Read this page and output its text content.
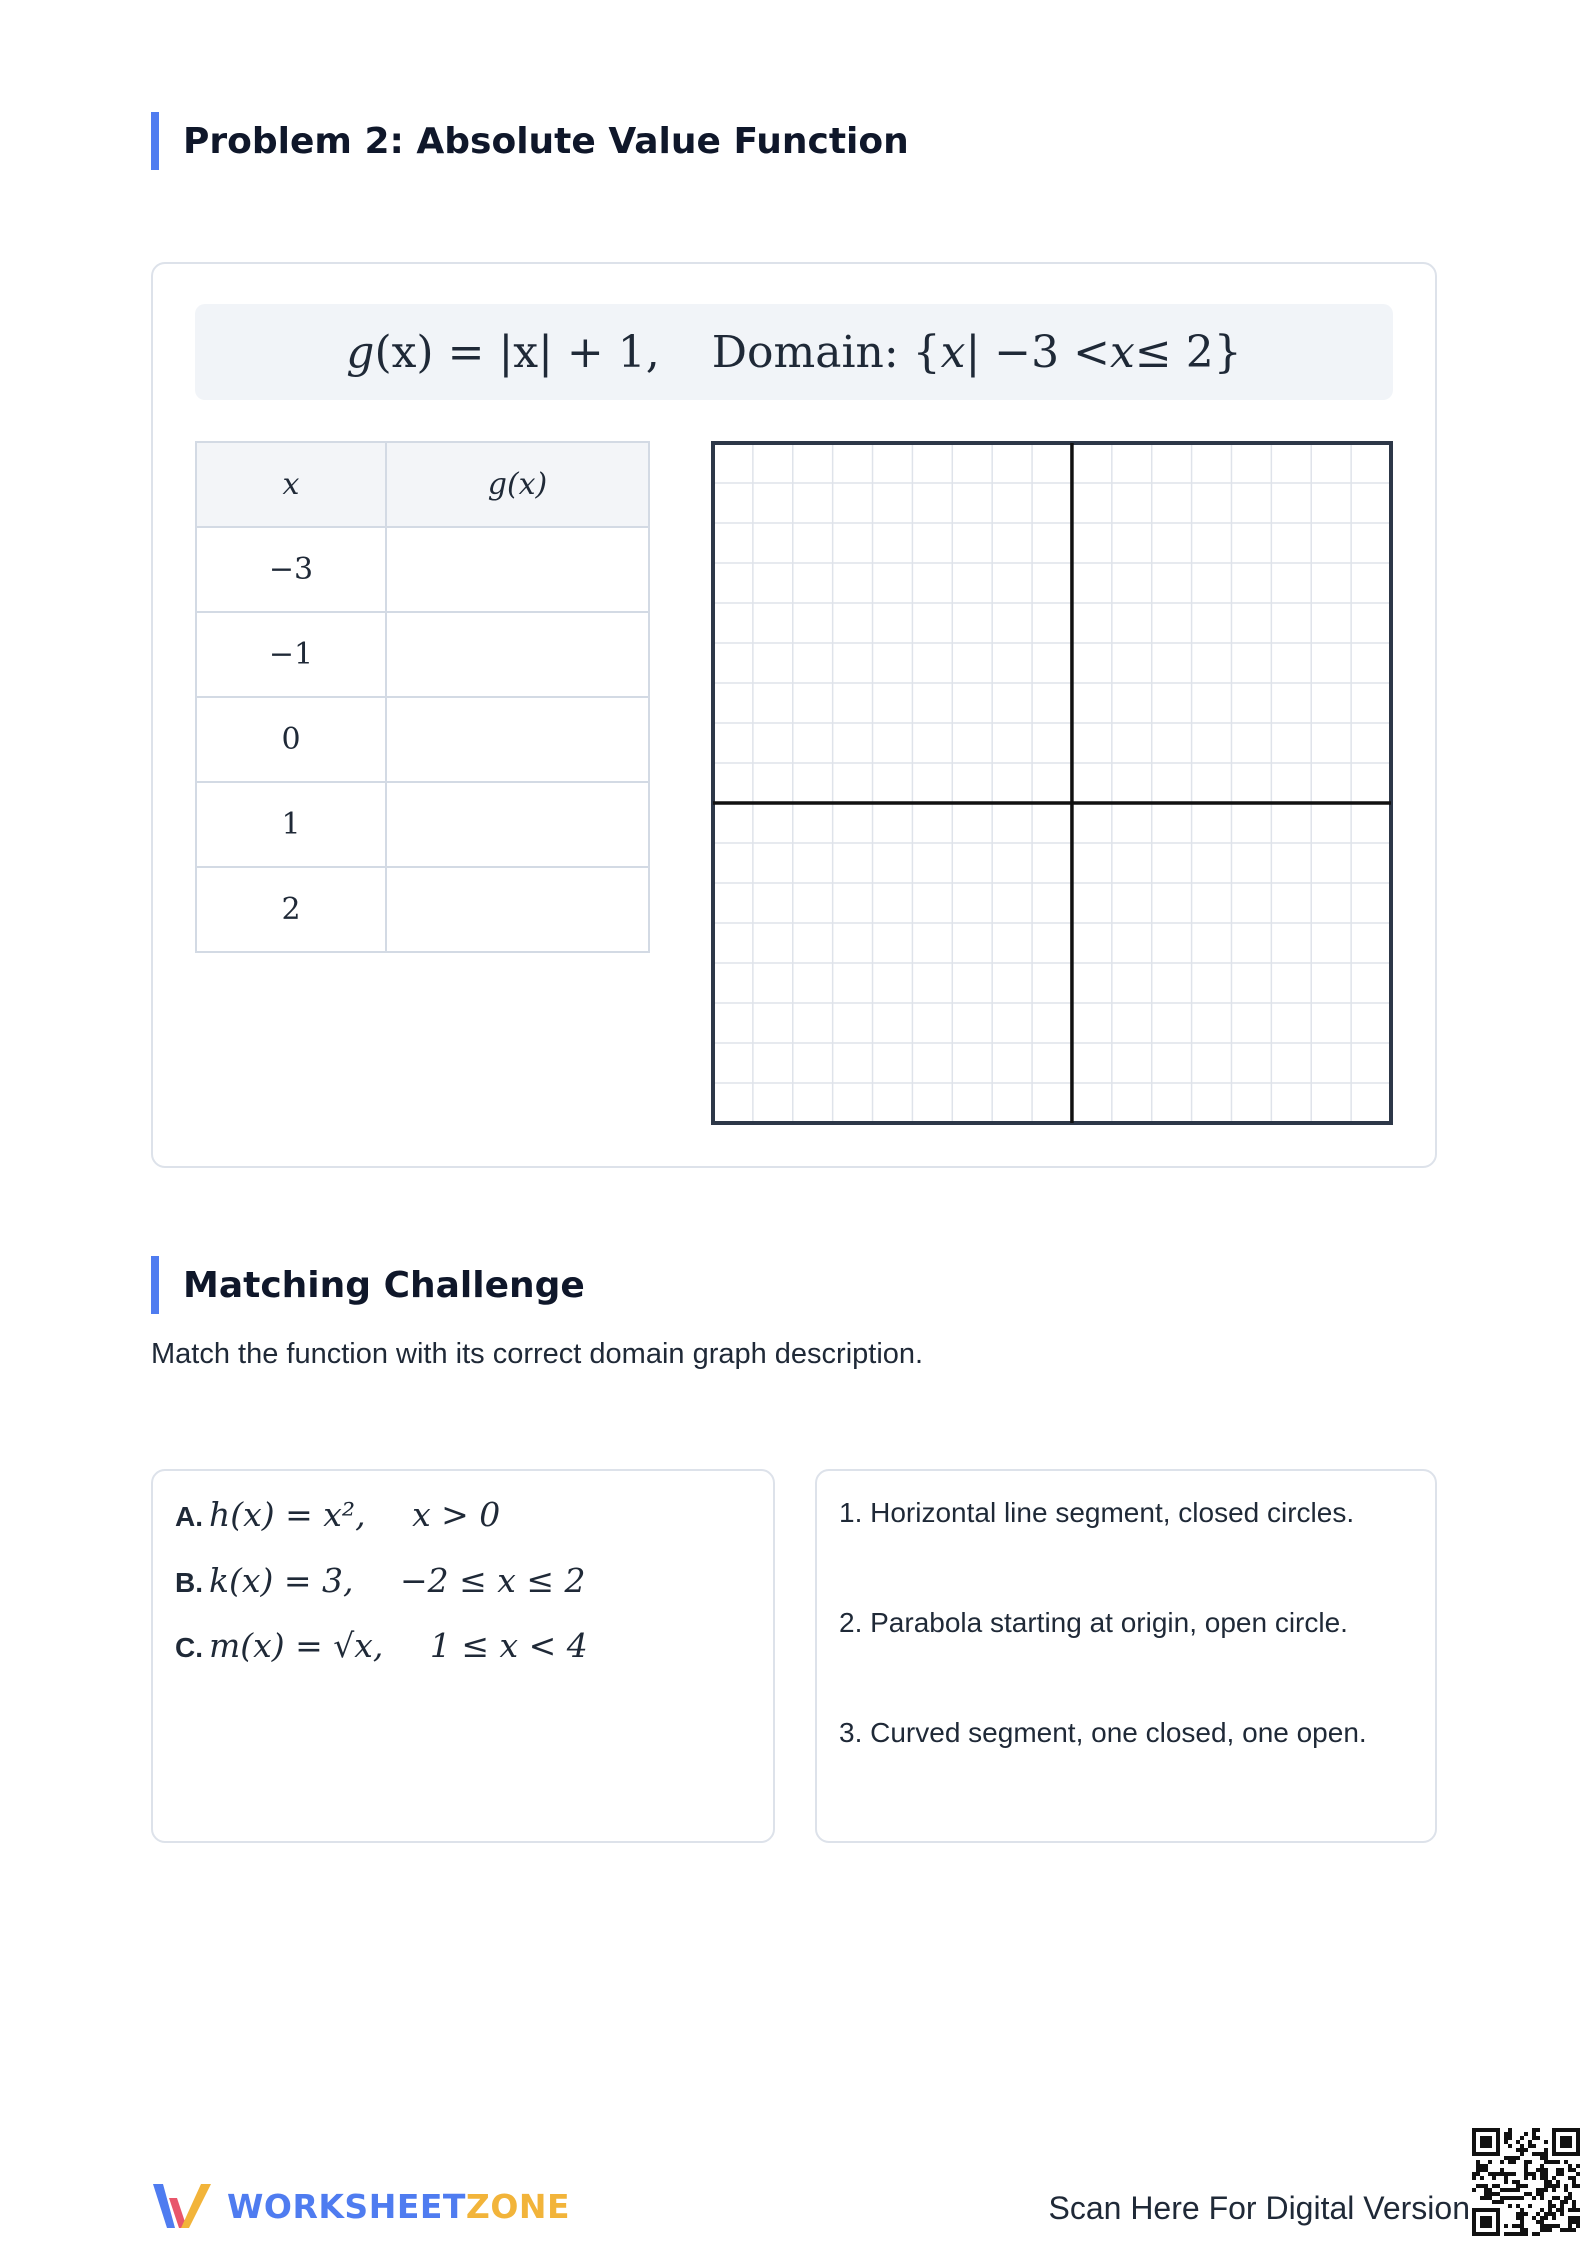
Problem 2: Absolute Value Function
g (x) = |x| + 1, Domain: { x | −3 < x ≤ 2}
x	g(x)
−3	
−1	
0	
1	
2	
Matching Challenge
Match the function with its correct domain graph description.
A. h(x) = x², x > 0
B. k(x) = 3, −2 ≤ x ≤ 2
C. m(x) = √x, 1 ≤ x < 4
1. Horizontal line segment, closed circles.
2. Parabola starting at origin, open circle.
3. Curved segment, one closed, one open.
WORKSHEETZONE	Scan Here For Digital Version
